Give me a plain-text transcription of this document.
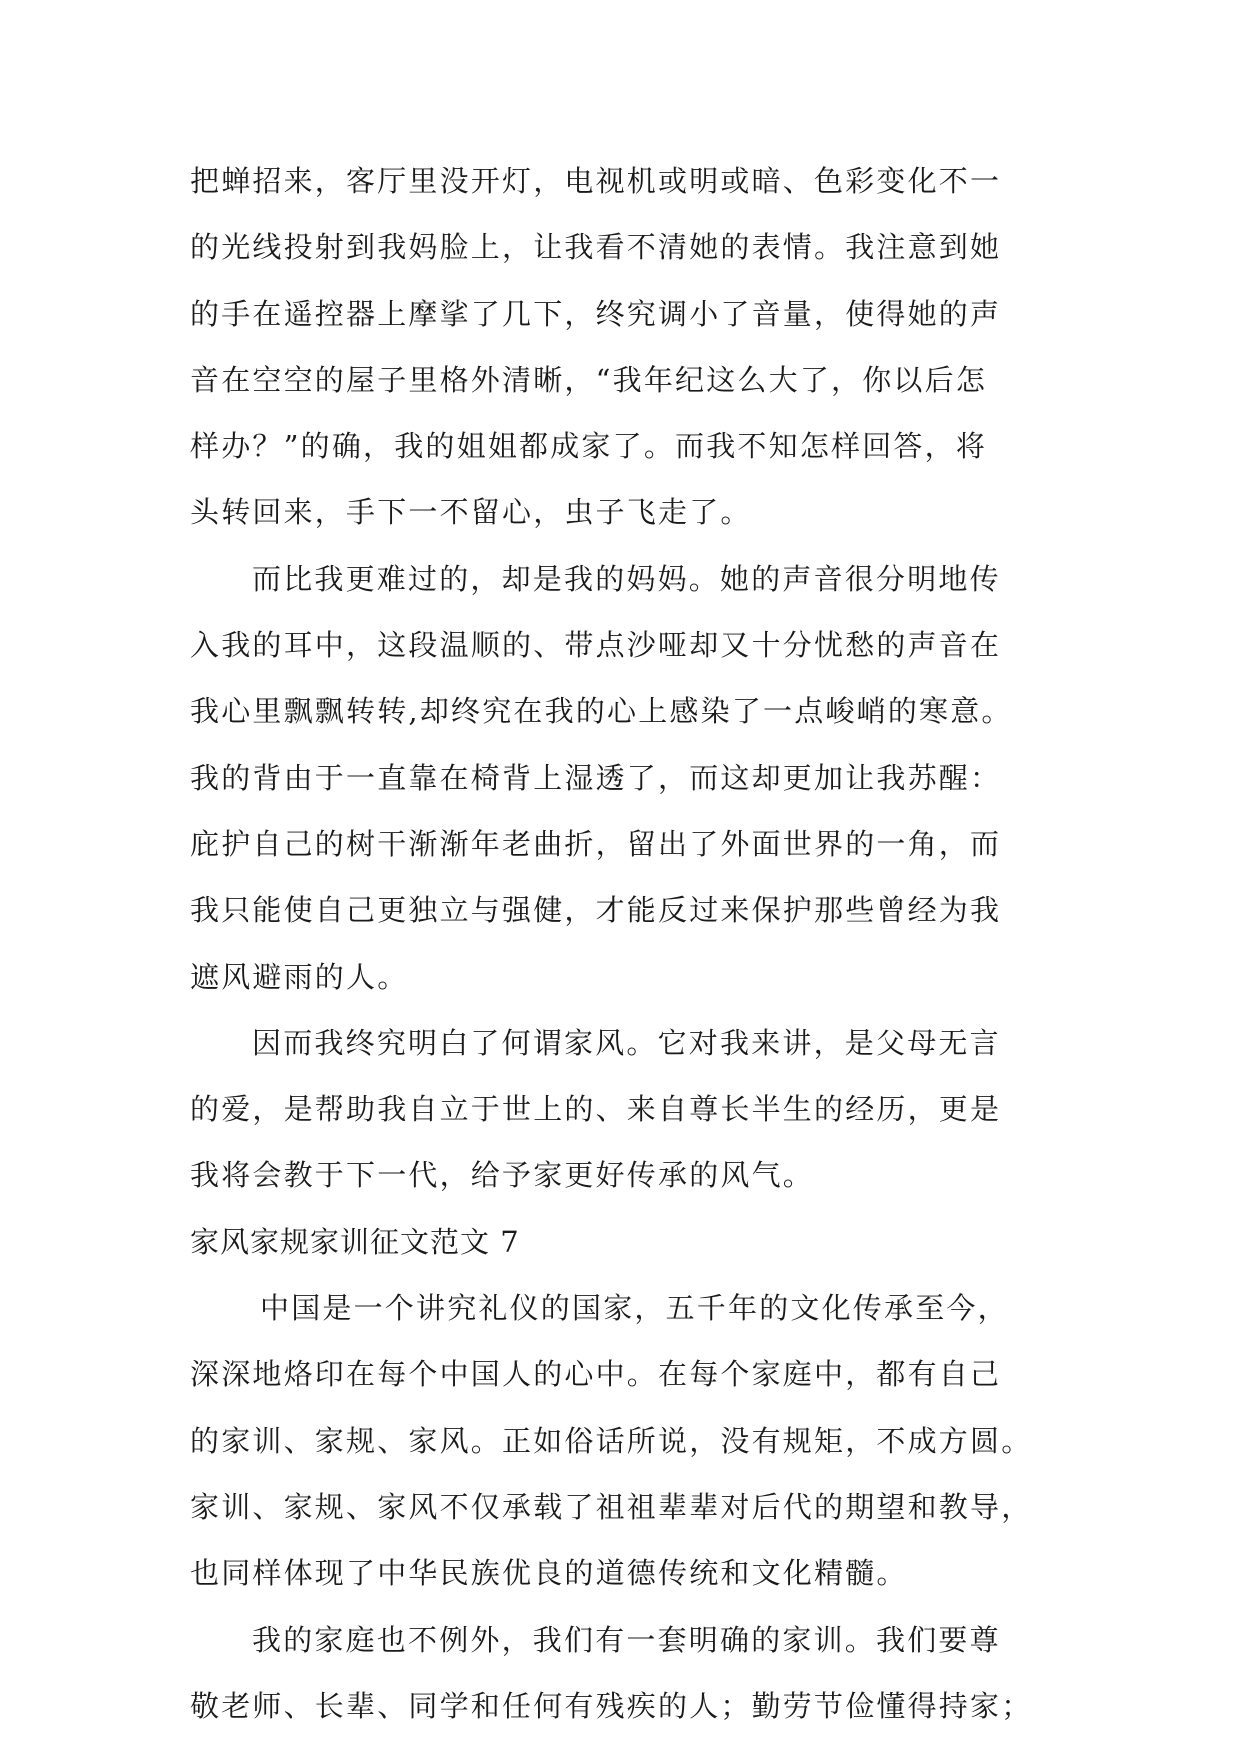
把蝉招来，客厅里没开灯，电视机或明或暗、色彩变化不一
的光线投射到我妈脸上，让我看不清她的表情。我注意到她
的手在遥控器上摩挲了几下，终究调小了音量，使得她的声
音在空空的屋子里格外清晰，“我年纪这么大了，你以后怎
样办？”的确，我的姐姐都成家了。而我不知怎样回答，将
头转回来，手下一不留心，虫子飞走了。
而比我更难过的，却是我的妈妈。她的声音很分明地传
入我的耳中，这段温顺的、带点沙哑却又十分忧愁的声音在
我心里飘飘转转,却终究在我的心上感染了一点峻峭的寒意。
我的背由于一直靠在椅背上湿透了，而这却更加让我苏醒：
庇护自己的树干渐渐年老曲折，留出了外面世界的一角，而
我只能使自己更独立与强健，才能反过来保护那些曾经为我
遮风避雨的人。
因而我终究明白了何谓家风。它对我来讲，是父母无言
的爱，是帮助我自立于世上的、来自尊长半生的经历，更是
我将会教于下一代，给予家更好传承的风气。
家风家规家训征文范文 7
中国是一个讲究礼仪的国家，五千年的文化传承至今，
深深地烙印在每个中国人的心中。在每个家庭中，都有自己
的家训、家规、家风。正如俗话所说，没有规矩，不成方圆。
家训、家规、家风不仅承载了祖祖辈辈对后代的期望和教导，
也同样体现了中华民族优良的道德传统和文化精髓。
我的家庭也不例外，我们有一套明确的家训。我们要尊
敬老师、长辈、同学和任何有残疾的人；勤劳节俭懂得持家；
